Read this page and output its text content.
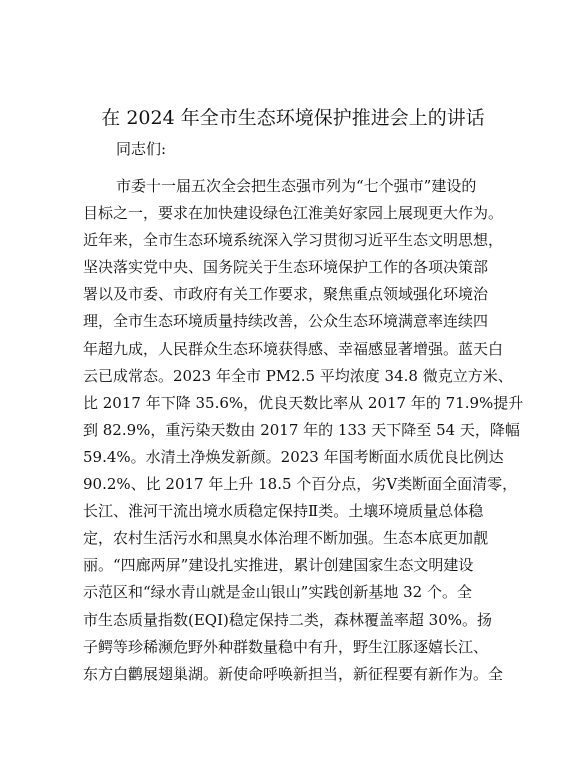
在 2024 年全市生态环境保护推进会上的讲话
同志们:
市委十一届五次全会把生态强市列为“七个强市”建设的
目标之一，要求在加快建设绿色江淮美好家园上展现更大作为。
近年来，全市生态环境系统深入学习贯彻习近平生态文明思想，
坚决落实党中央、国务院关于生态环境保护工作的各项决策部
署以及市委、市政府有关工作要求，聚焦重点领域强化环境治
理，全市生态环境质量持续改善，公众生态环境满意率连续四
年超九成，人民群众生态环境获得感、幸福感显著增强。蓝天白
云已成常态。2023 年全市 PM2.5 平均浓度 34.8 微克立方米、
比 2017 年下降 35.6%，优良天数比率从 2017 年的 71.9%提升
到 82.9%，重污染天数由 2017 年的 133 天下降至 54 天，降幅
59.4%。水清土净焕发新颜。2023 年国考断面水质优良比例达
90.2%、比 2017 年上升 18.5 个百分点，劣Ⅴ类断面全面清零，
长江、淮河干流出境水质稳定保持Ⅱ类。土壤环境质量总体稳
定，农村生活污水和黑臭水体治理不断加强。生态本底更加靓
丽。“四廊两屏”建设扎实推进，累计创建国家生态文明建设
示范区和“绿水青山就是金山银山”实践创新基地 32 个。全
市生态质量指数(EQI)稳定保持二类，森林覆盖率超 30%。扬
子鳄等珍稀濒危野外种群数量稳中有升，野生江豚逐嬉长江、
东方白鹳展翅巢湖。新使命呼唤新担当，新征程要有新作为。全
